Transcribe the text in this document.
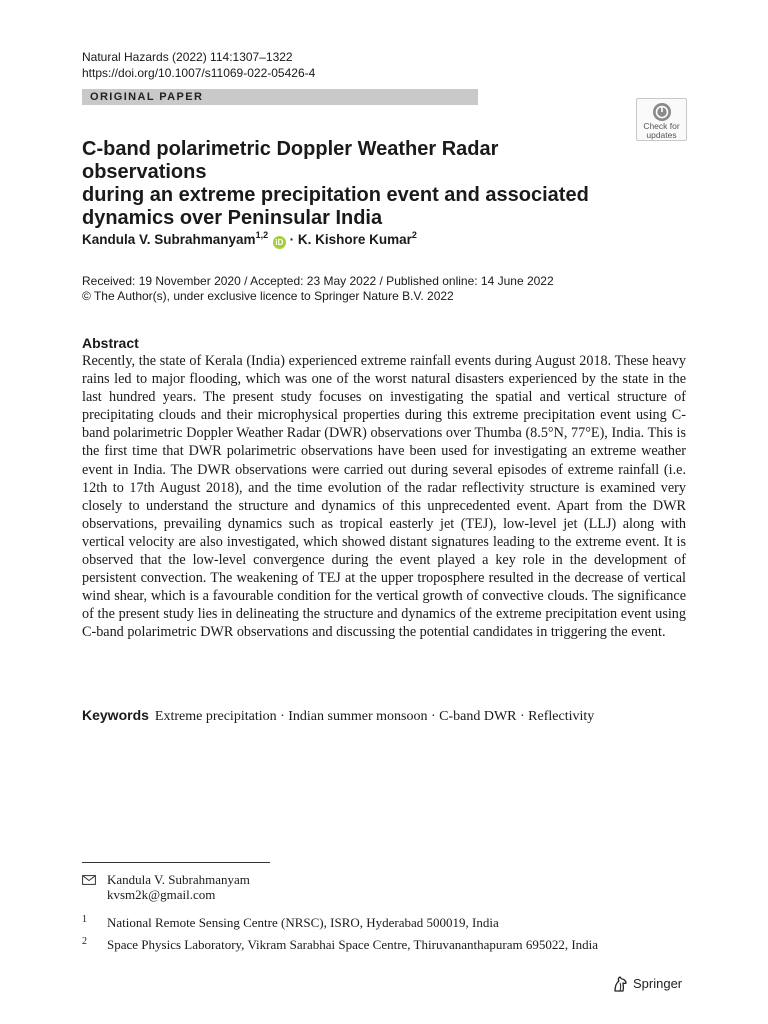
Natural Hazards (2022) 114:1307–1322
https://doi.org/10.1007/s11069-022-05426-4
ORIGINAL PAPER
Check for
updates
C-band polarimetric Doppler Weather Radar observations
during an extreme precipitation event and associated
dynamics over Peninsular India
Kandula V. Subrahmanyam$^{1,2}$ iD · K. Kishore Kumar$^2$
Received: 19 November 2020 / Accepted: 23 May 2022 / Published online: 14 June 2022
© The Author(s), under exclusive licence to Springer Nature B.V. 2022
Abstract
Recently, the state of Kerala (India) experienced extreme rainfall events during August 2018. These heavy rains led to major flooding, which was one of the worst natural disasters experienced by the state in the last hundred years. The present study focuses on investigating the spatial and vertical structure of precipitating clouds and their microphysical properties during this extreme precipitation event using C-band polarimetric Doppler Weather Radar (DWR) observations over Thumba (8.5°N, 77°E), India. This is the first time that DWR polarimetric observations have been used for investigating an extreme weather event in India. The DWR observations were carried out during several episodes of extreme rainfall (i.e. 12th to 17th August 2018), and the time evolution of the radar reflectivity structure is examined very closely to understand the structure and dynamics of this unprecedented event. Apart from the DWR observations, prevailing dynamics such as tropical easterly jet (TEJ), low-level jet (LLJ) along with vertical velocity are also investigated, which showed distant signatures leading to the extreme event. It is observed that the low-level convergence during the event played a key role in the development of persistent convection. The weakening of TEJ at the upper troposphere resulted in the decrease of vertical wind shear, which is a favourable condition for the vertical growth of convective clouds. The significance of the present study lies in delineating the structure and dynamics of the extreme precipitation event using C-band polarimetric DWR observations and discussing the potential candidates in triggering the event.
Keywords Extreme precipitation · Indian summer monsoon · C-band DWR · Reflectivity
Kandula V. Subrahmanyam
kvsm2k@gmail.com
1 National Remote Sensing Centre (NRSC), ISRO, Hyderabad 500019, India
2 Space Physics Laboratory, Vikram Sarabhai Space Centre, Thiruvananthapuram 695022, India
Springer
